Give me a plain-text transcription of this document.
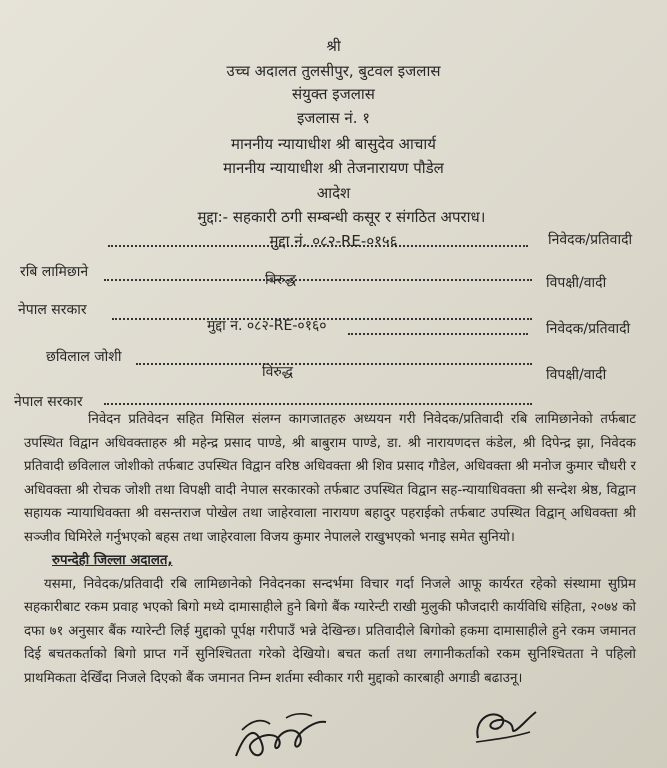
श्री
उच्च अदालत तुलसीपुर, बुटवल इजलास
संयुक्त इजलास
इजलास नं. १
माननीय न्यायाधीश श्री बासुदेव आचार्य
माननीय न्यायाधीश श्री तेजनारायण पौडेल
आदेश
मुद्दा:- सहकारी ठगी सम्बन्धी कसूर र संगठित अपराध।
मुद्दा नं. ०८२-RE-०१५६	निवेदक/प्रतिवादी
रबि लामिछाने	विरुद्ध	विपक्षी/वादी
नेपाल सरकार
मुद्दा नं. ०८२-RE-०१६०	निवेदक/प्रतिवादी
छविलाल जोशी
विरुद्ध	विपक्षी/वादी
नेपाल सरकार

निवेदन प्रतिवेदन सहित मिसिल संलग्न कागजातहरु अध्ययन गरी निवेदक/प्रतिवादी रबि लामिछानेको तर्फबाट उपस्थित विद्वान अधिवक्ताहरु श्री महेन्द्र प्रसाद पाण्डे, श्री बाबुराम पाण्डे, डा. श्री नारायणदत्त कंडेल, श्री दिपेन्द्र झा, निवेदक प्रतिवादी छविलाल जोशीको तर्फबाट उपस्थित विद्वान वरिष्ठ अधिवक्ता श्री शिव प्रसाद गौडेल, अधिवक्ता श्री मनोज कुमार चौधरी र अधिवक्ता श्री रोचक जोशी तथा विपक्षी वादी नेपाल सरकारको तर्फबाट उपस्थित विद्वान सह-न्यायाधिवक्ता श्री सन्देश श्रेष्ठ, विद्वान सहायक न्यायाधिवक्ता श्री वसन्तराज पोखेल तथा जाहेरवाला नारायण बहादुर पहराईको तर्फबाट उपस्थित विद्वान् अधिवक्ता श्री सञ्जीव घिमिरेले गर्नुभएको बहस तथा जाहेरवाला विजय कुमार नेपालले राखुभएको भनाइ समेत सुनियो।

रुपन्देही जिल्ला अदालत,

यसमा, निवेदक/प्रतिवादी रबि लामिछानेको निवेदनका सन्दर्भमा विचार गर्दा निजले आफू कार्यरत रहेको संस्थामा सुप्रिम सहकारीबाट रकम प्रवाह भएको बिगो मध्ये दामासाहीले हुने बिगो बैंक ग्यारेन्टी राखी मुलुकी फौजदारी कार्यविधि संहिता, २०७४ को दफा ७१ अनुसार बैंक ग्यारेन्टी लिई मुद्दाको पूर्पक्ष गरीपाउँ भन्ने देखिन्छ। प्रतिवादीले बिगोको हकमा दामासाहीले हुने रकम जमानत दिई बचतकर्ताको बिगो प्राप्त गर्ने सुनिश्चितता गरेको देखियो। बचत कर्ता तथा लगानीकर्ताको रकम सुनिश्चितता ने पहिलो प्राथमिकता देखिँदा निजले दिएको बैंक जमानत निम्न शर्तमा स्वीकार गरी मुद्दाको कारबाही अगाडी बढाउनू।
